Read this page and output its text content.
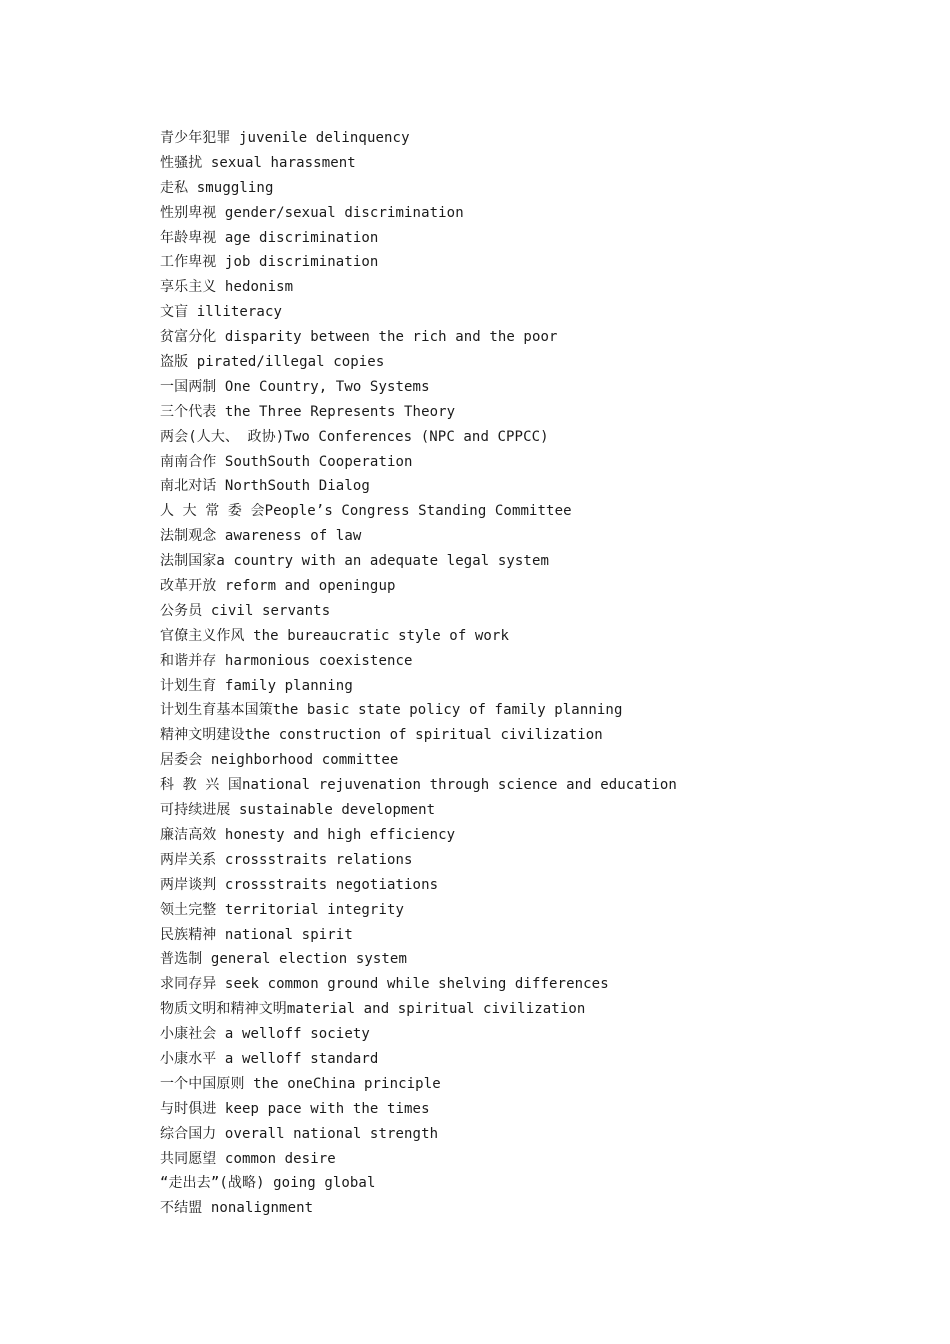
青少年犯罪 juvenile delinquency
性骚扰 sexual harassment
走私 smuggling
性别卑视 gender/sexual discrimination
年龄卑视 age discrimination
工作卑视 job discrimination
享乐主义 hedonism
文盲 illiteracy
贫富分化 disparity between the rich and the poor
盗版 pirated/illegal copies
一国两制 One Country, Two Systems
三个代表 the Three Represents Theory
两会(人大、 政协)Two Conferences (NPC and CPPCC)
南南合作 SouthSouth Cooperation
南北对话 NorthSouth Dialog
人 大 常 委 会People’s Congress Standing Committee
法制观念 awareness of law
法制国家a country with an adequate legal system
改革开放 reform and openingup
公务员 civil servants
官僚主义作风 the bureaucratic style of work
和谐并存 harmonious coexistence
计划生育 family planning
计划生育基本国策the basic state policy of family planning
精神文明建设the construction of spiritual civilization
居委会 neighborhood committee
科 教 兴 国national rejuvenation through science and education
可持续进展 sustainable development
廉洁高效 honesty and high efficiency
两岸关系 crossstraits relations
两岸谈判 crossstraits negotiations
领土完整 territorial integrity
民族精神 national spirit
普选制 general election system
求同存异 seek common ground while shelving differences
物质文明和精神文明material and spiritual civilization
小康社会 a welloff society
小康水平 a welloff standard
一个中国原则 the oneChina principle
与时俱进 keep pace with the times
综合国力 overall national strength
共同愿望 common desire
“走出去”(战略) going global
不结盟 nonalignment
